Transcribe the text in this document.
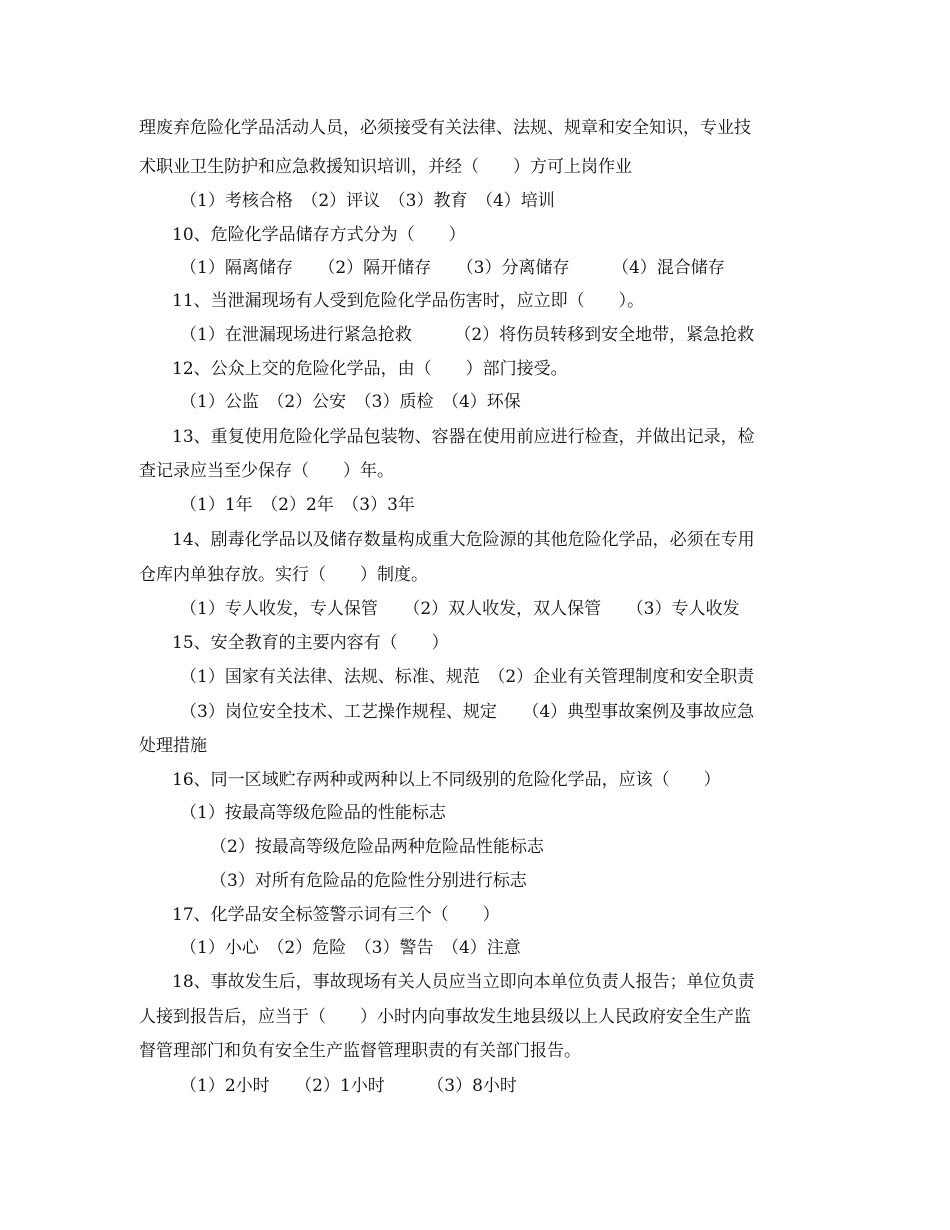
理废弃危险化学品活动人员，必须接受有关法律、法规、规章和安全知识，专业技
术职业卫生防护和应急救援知识培训，并经（　　）方可上岗作业
（1）考核合格　（2）评议　（3）教育　（4）培训
10、危险化学品储存方式分为（　　）
（1）隔离储存　　（2）隔开储存　　（3）分离储存　　　（4）混合储存
11、当泄漏现场有人受到危险化学品伤害时，应立即（　　）。
（1）在泄漏现场进行紧急抢救　　　（2）将伤员转移到安全地带，紧急抢救
12、公众上交的危险化学品，由（　　）部门接受。
（1）公监　（2）公安　（3）质检　（4）环保
13、重复使用危险化学品包装物、容器在使用前应进行检查，并做出记录，检
查记录应当至少保存（　　）年。
（1）1年　（2）2年　（3）3年
14、剧毒化学品以及储存数量构成重大危险源的其他危险化学品，必须在专用
仓库内单独存放。实行（　　）制度。
（1）专人收发，专人保管　　（2）双人收发，双人保管　　（3）专人收发
15、安全教育的主要内容有（　　）
（1）国家有关法律、法规、标准、规范　（2）企业有关管理制度和安全职责
（3）岗位安全技术、工艺操作规程、规定　　（4）典型事故案例及事故应急
处理措施
16、同一区域贮存两种或两种以上不同级别的危险化学品，应该（　　）
（1）按最高等级危险品的性能标志
（2）按最高等级危险品两种危险品性能标志
（3）对所有危险品的危险性分别进行标志
17、化学品安全标签警示词有三个（　　）
（1）小心　（2）危险　（3）警告　（4）注意
18、事故发生后，事故现场有关人员应当立即向本单位负责人报告；单位负责
人接到报告后，应当于（　　）小时内向事故发生地县级以上人民政府安全生产监
督管理部门和负有安全生产监督管理职责的有关部门报告。
（1）2小时　　（2）1小时　　　（3）8小时
